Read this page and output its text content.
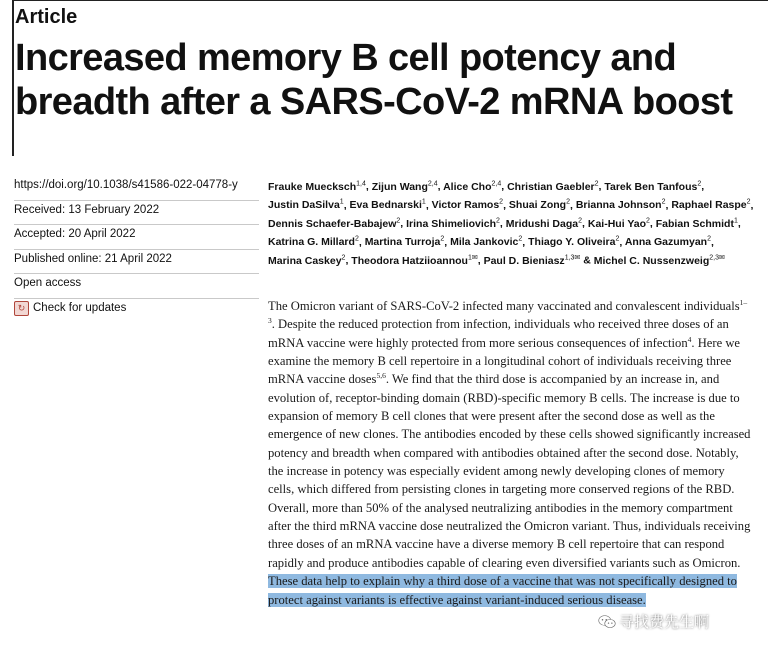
Article
Increased memory B cell potency and breadth after a SARS-CoV-2 mRNA boost
https://doi.org/10.1038/s41586-022-04778-y
Received: 13 February 2022
Accepted: 20 April 2022
Published online: 21 April 2022
Open access
↻ Check for updates
Frauke Muecksch$^{1,4}$, Zijun Wang$^{2,4}$, Alice Cho$^{2,4}$, Christian Gaebler$^2$, Tarek Ben Tanfous$^2$, Justin DaSilva$^1$, Eva Bednarski$^1$, Victor Ramos$^2$, Shuai Zong$^2$, Brianna Johnson$^2$, Raphael Raspe$^2$, Dennis Schaefer-Babajew$^2$, Irina Shimeliovich$^2$, Mridushi Daga$^2$, Kai-Hui Yao$^2$, Fabian Schmidt$^1$, Katrina G. Millard$^2$, Martina Turroja$^2$, Mila Jankovic$^2$, Thiago Y. Oliveira$^2$, Anna Gazumyan$^2$, Marina Caskey$^2$, Theodora Hatziioannou$^{1✉}$, Paul D. Bieniasz$^{1,3✉}$ & Michel C. Nussenzweig$^{2,3✉}$

The Omicron variant of SARS-CoV-2 infected many vaccinated and convalescent individuals$^{1-3}$. Despite the reduced protection from infection, individuals who received three doses of an mRNA vaccine were highly protected from more serious consequences of infection$^4$. Here we examine the memory B cell repertoire in a longitudinal cohort of individuals receiving three mRNA vaccine doses$^{5,6}$. We find that the third dose is accompanied by an increase in, and evolution of, receptor-binding domain (RBD)-specific memory B cells. The increase is due to expansion of memory B cell clones that were present after the second dose as well as the emergence of new clones. The antibodies encoded by these cells showed significantly increased potency and breadth when compared with antibodies obtained after the second dose. Notably, the increase in potency was especially evident among newly developing clones of memory cells, which differed from persisting clones in targeting more conserved regions of the RBD. Overall, more than 50% of the analysed neutralizing antibodies in the memory compartment after the third mRNA vaccine dose neutralized the Omicron variant. Thus, individuals receiving three doses of an mRNA vaccine have a diverse memory B cell repertoire that can respond rapidly and produce antibodies capable of clearing even diversified variants such as Omicron. These data help to explain why a third dose of a vaccine that was not specifically designed to protect against variants is effective against variant-induced serious disease.

寻找费先生啊
